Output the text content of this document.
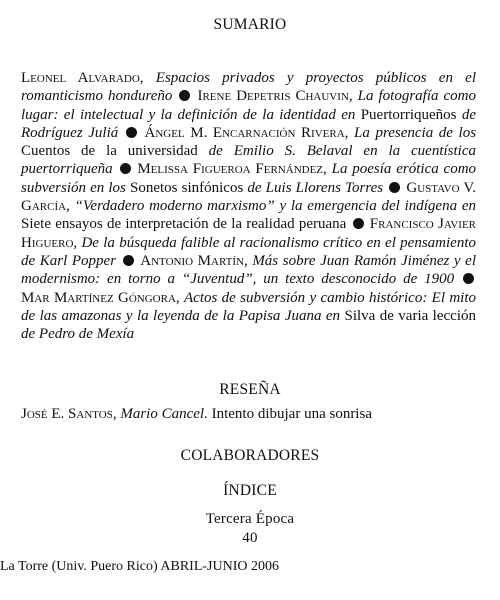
SUMARIO
Leonel Alvarado, Espacios privados y proyectos públicos en el romanticismo hondureño Irene Depetris Chauvin, La fotografía como lugar: el intelectual y la definición de la identidad en Puertorriqueños de Rodríguez Juliá Ángel M. Encarnación Rivera, La presencia de los Cuentos de la universidad de Emilio S. Belaval en la cuentística puertorriqueña Melissa Figueroa Fernández, La poesía erótica como subversión en los Sonetos sinfónicos de Luis Llorens Torres Gustavo V. García, “Verdadero moderno marxismo” y la emergencia del indígena en Siete ensayos de interpretación de la realidad peruana Francisco Javier Higuero, De la búsqueda falible al racionalismo crítico en el pensamiento de Karl Popper Antonio Martín, Más sobre Juan Ramón Jiménez y el modernismo: en torno a “Juventud”, un texto desconocido de 1900  Mar Martínez Góngora, Actos de subversión y cambio histórico: El mito de las amazonas y la leyenda de la Papisa Juana en Silva de varia lección de Pedro de Mexía
RESEÑA
José E. Santos, Mario Cancel. Intento dibujar una sonrisa
COLABORADORES
ÍNDICE
Tercera Época
40
La Torre (Univ. Puero Rico) ABRIL-JUNIO 2006
